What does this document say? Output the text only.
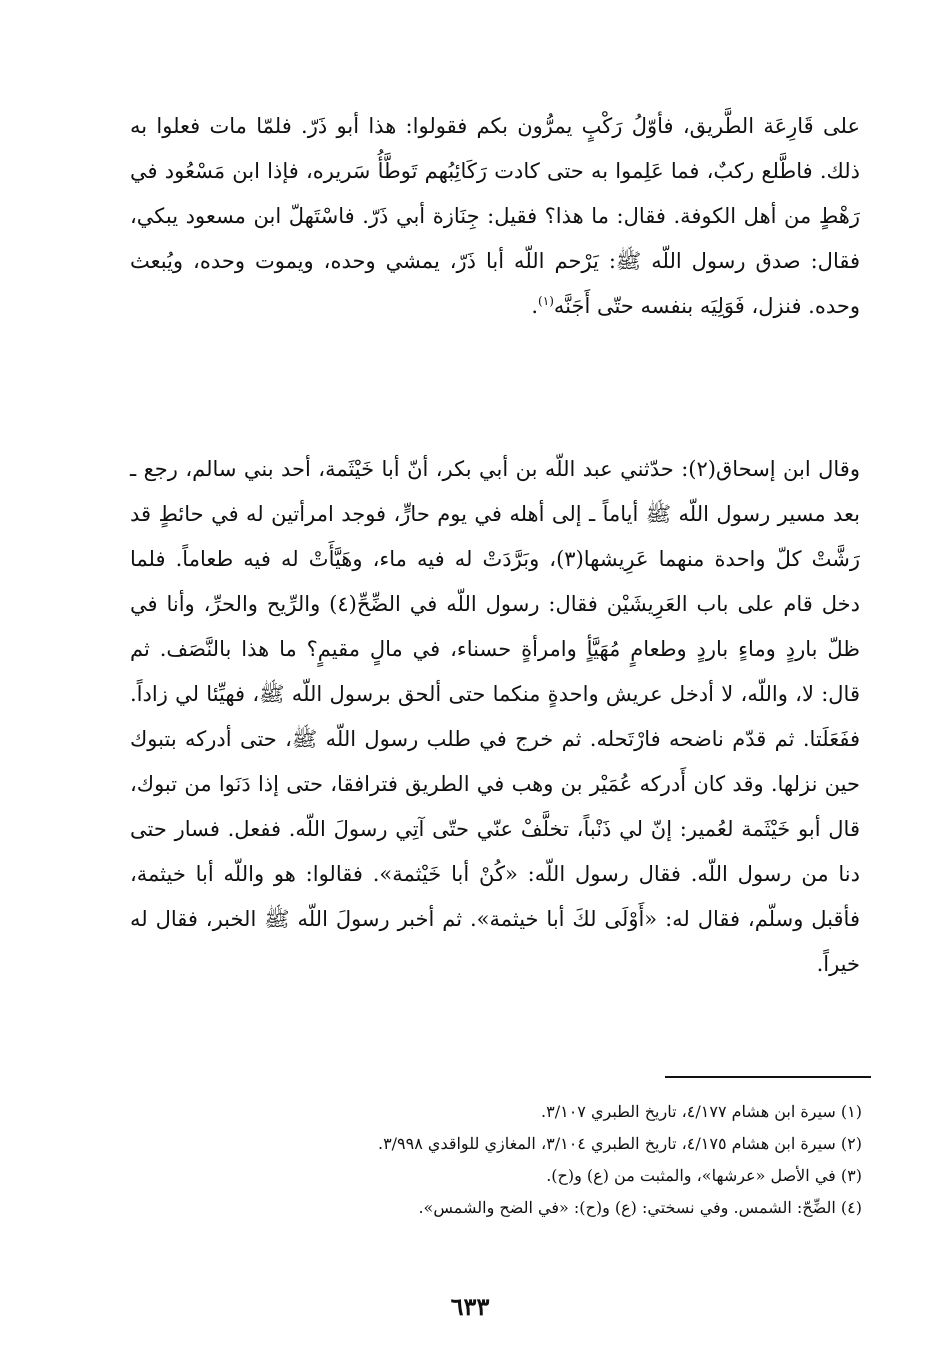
على قَارِعَة الطَّريق، فأوّلُ رَكْبٍ يمرُّون بكم فقولوا: هذا أبو ذَرّ. فلمّا مات فعلوا به ذلك. فاطَّلع ركبٌ، فما عَلِموا به حتى كادت رَكَائِبُهم تَوطَّأُ سَريره، فإذا ابن مَسْعُود في رَهْطٍ من أهل الكوفة. فقال: ما هذا؟ فقيل: جِنَازة أبي ذَرّ. فاسْتَهلّ ابن مسعود يبكي، فقال: صدق رسول اللّه ﷺ: يَرْحم اللّه أبا ذَرّ، يمشي وحده، ويموت وحده، ويُبعث وحده. فنزل، فَوَلِيَه بنفسه حتّى أَجَنَّه$^{(١)}$.

وقال ابن إسحاق(٢): حدّثني عبد اللّه بن أبي بكر، أنّ أبا خَيْثَمة، أحد بني سالم، رجع ـ بعد مسير رسول اللّه ﷺ أياماً ـ إلى أهله في يوم حارٍّ، فوجد امرأتين له في حائطٍ قد رَشَّتْ كلّ واحدة منهما عَرِيشها(٣)، وبَرَّدَتْ له فيه ماء، وهَيَّأَتْ له فيه طعاماً. فلما دخل قام على باب العَرِيشَيْن فقال: رسول اللّه في الضِّحِّ(٤) والرِّيح والحرِّ، وأنا في ظلّ باردٍ وماءٍ باردٍ وطعامٍ مُهَيَّأٍ وامرأةٍ حسناء، في مالٍ مقيمٍ؟ ما هذا بالنَّصَف. ثم قال: لا، واللّه، لا أدخل عريش واحدةٍ منكما حتى ألحق برسول اللّه ﷺ، فهيِّئا لي زاداً. ففَعَلَتا. ثم قدّم ناضحه فارْتَحله. ثم خرج في طلب رسول اللّه ﷺ، حتى أدركه بتبوك حين نزلها. وقد كان أَدركه عُمَيْر بن وهب في الطريق فترافقا، حتى إذا دَنَوا من تبوك، قال أبو خَيْثَمة لعُمير: إنّ لي ذَنْباً، تخلَّفْ عنّي حتّى آتِي رسولَ اللّه. ففعل. فسار حتى دنا من رسول اللّه. فقال رسول اللّه: «كُنْ أبا خَيْثمة». فقالوا: هو واللّه أبا خيثمة، فأقبل وسلّم، فقال له: «أَوْلَى لكَ أبا خيثمة». ثم أخبر رسولَ اللّه ﷺ الخبر، فقال له خيراً.

(١) سيرة ابن هشام ٤/١٧٧، تاريخ الطبري ٣/١٠٧.
(٢) سيرة ابن هشام ٤/١٧٥، تاريخ الطبري ٣/١٠٤، المغازي للواقدي ٣/٩٩٨.
(٣) في الأصل «عرشها»، والمثبت من (ع) و(ح).
(٤) الضِّحّ: الشمس. وفي نسختي: (ع) و(ح): «في الضح والشمس».
٦٣٣
